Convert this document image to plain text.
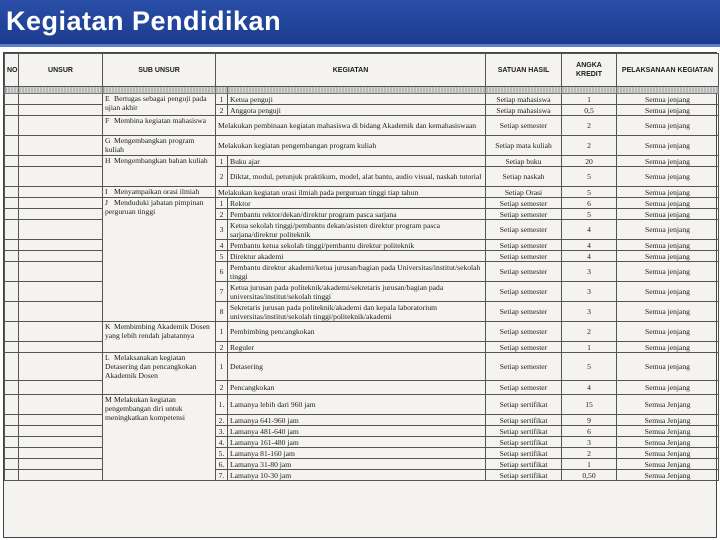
Kegiatan Pendidikan
NO	UNSUR	SUB UNSUR	KEGIATAN		SATUAN HASIL	ANGKA KREDIT	PELAKSANAAN KEGIATAN

		E Bertugas sebagai penguji pada ujian akhir	1	Ketua penguji	Setiap mahasiswa	1	Semua jenjang
			2	Anggota penguji	Setiap mahasiswa	0,5	Semua jenjang
		F Membina kegiatan mahasiswa	Melakukan pembinaan kegiatan mahasiswa di bidang Akademik dan kemahasiswaan		Setiap semester	2	Semua jenjang
		G Mengembangkan program kuliah	Melakukan kegiatan pengembangan program kuliah		Setiap mata kuliah	2	Semua jenjang
		H Mengembangkan bahan kuliah	1	Buku ajar	Setiap buku	20	Semua jenjang
			2	Diktat, modul, petunjuk praktikum, model, alat bantu, audio visual, naskah tutorial	Setiap naskah	5	Semua jenjang
		I Menyampaikan orasi ilmiah	Melakukan kegiatan orasi ilmiah pada perguruan tinggi tiap tahun		Setiap Orasi	5	Semua jenjang
		J Menduduki jabatan pimpinan perguruan tinggi	1	Rektor	Setiap semester	6	Semua jenjang
			2	Pembantu rektor/dekan/direktur program pasca sarjana	Setiap semester	5	Semua jenjang
			3	Ketua sekolah tinggi/pembantu dekan/asisten direktur program pasca sarjana/direktur politeknik	Setiap semester	4	Semua jenjang
			4	Pembantu ketua sekolah tinggi/pembantu direktur politeknik	Setiap semester	4	Semua jenjang
			5	Direktur akademi	Setiap semester	4	Semua jenjang
			6	Pembantu direktur akademi/ketua jurusan/bagian pada Universitas/institut/sekolah tinggi	Setiap semester	3	Semua jenjang
			7	Ketua jurusan pada politeknik/akademi/sekretaris jurusan/bagian pada universitas/institut/sekolah tinggi	Setiap semester	3	Semua jenjang
			8	Sekretaris jurusan pada politeknik/akademi dan kepala laboratorium universitas/institut/sekolah tinggi/politeknik/akademi	Setiap semester	3	Semua jenjang
		K Membimbing Akademik Dosen yang lebih rendah jabatannya	1	Pembimbing pencangkokan	Setiap semester	2	Semua jenjang
			2	Reguler	Setiap semester	1	Semua jenjang
		L Melaksanakan kegiatan Detasering dan pencangkokan Akademik Dosen	1	Detasering	Setiap semester	5	Semua jenjang
			2	Pencangkokan	Setiap semester	4	Semua jenjang
		M Melakukan kegiatan pengembangan diri untuk meningkatkan kompetensi	1.	Lamanya lebih dari 960 jam	Setiap sertifikat	15	Semua Jenjang
			2.	Lamanya 641-960 jam	Setiap sertifikat	9	Semua Jenjang
			3.	Lamanya 481-640 jam	Setiap sertifikat	6	Semua Jenjang
			4.	Lamanya 161-480 jam	Setiap sertifikat	3	Semua Jenjang
			5.	Lamanya 81-160 jam	Setiap sertifikat	2	Semua Jenjang
			6.	Lamanya 31-80 jam	Setiap sertifikat	1	Semua Jenjang
			7.	Lamanya 10-30 jam	Setiap sertifikat	0,50	Semua Jenjang
